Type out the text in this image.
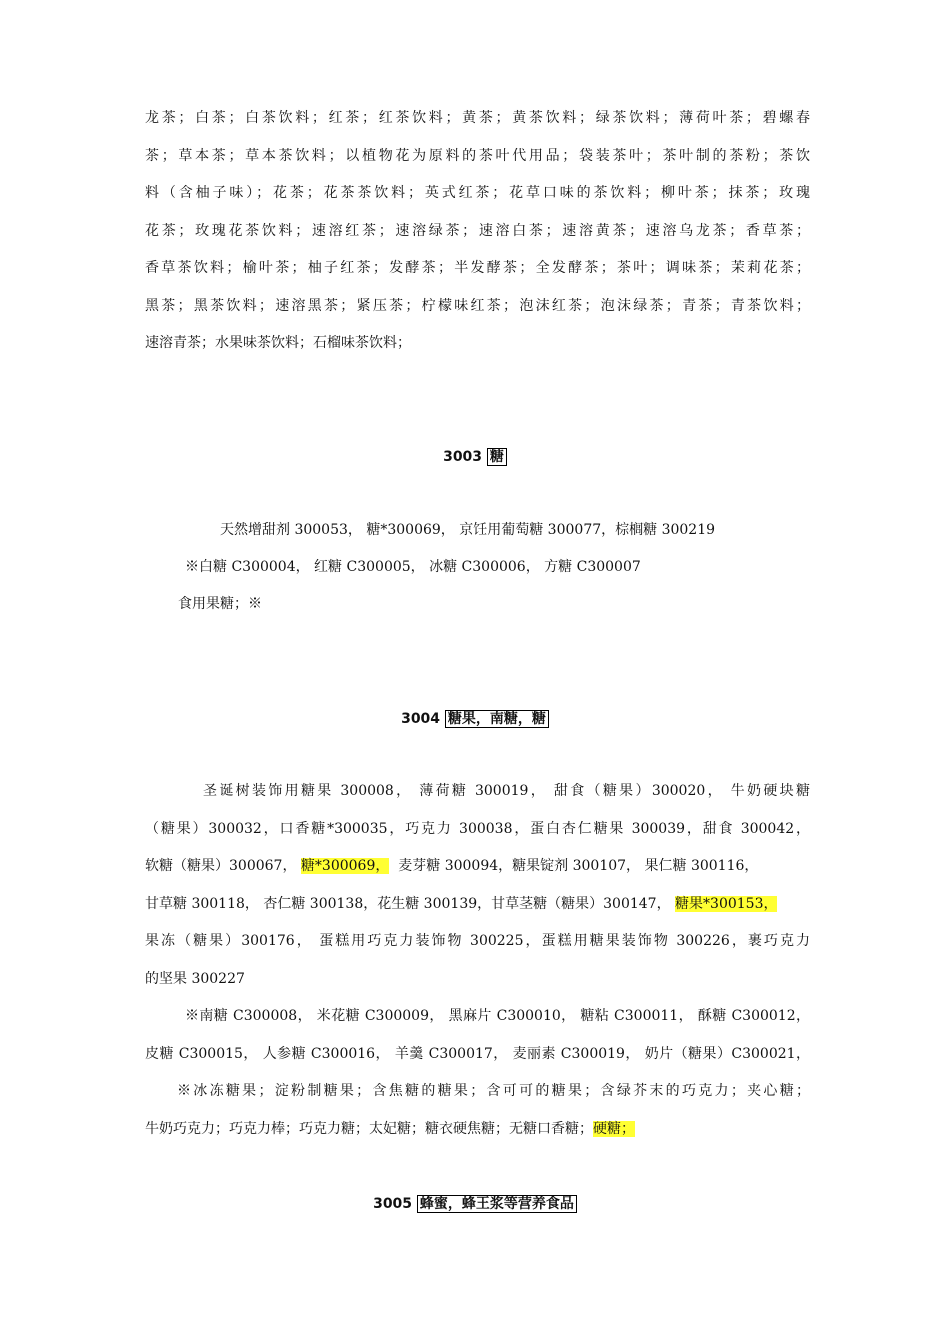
龙茶；白茶；白茶饮料；红茶；红茶饮料；黄茶；黄茶饮料；绿茶饮料；薄荷叶茶；碧螺春
茶；草本茶；草本茶饮料；以植物花为原料的茶叶代用品；袋装茶叶；茶叶制的茶粉；茶饮
料（含柚子味）；花茶；花茶茶饮料；英式红茶；花草口味的茶饮料；柳叶茶；抹茶；玫瑰
花茶；玫瑰花茶饮料；速溶红茶；速溶绿茶；速溶白茶；速溶黄茶；速溶乌龙茶；香草茶；
香草茶饮料；榆叶茶；柚子红茶；发酵茶；半发酵茶；全发酵茶；茶叶；调味茶；茉莉花茶；
黑茶；黑茶饮料；速溶黑茶；紧压茶；柠檬味红茶；泡沫红茶；泡沫绿茶；青茶；青茶饮料；
速溶青茶；水果味茶饮料；石榴味茶饮料；
3003 糖
天然增甜剂 300053， 糖*300069， 京饪用葡萄糖 300077，棕榈糖 300219
※白糖 C300004， 红糖 C300005， 冰糖 C300006， 方糖 C300007
食用果糖；※
3004 糖果，南糖，糖
圣诞树装饰用糖果 300008， 薄荷糖 300019， 甜食（糖果）300020， 牛奶硬块糖
（糖果）300032，口香糖*300035，巧克力 300038，蛋白杏仁糖果 300039，甜食 300042，
软糖（糖果）300067， 糖*300069， 麦芽糖 300094，糖果锭剂 300107， 果仁糖 300116，
甘草糖 300118， 杏仁糖 300138，花生糖 300139，甘草茎糖（糖果）300147， 糖果*300153，
果冻（糖果）300176， 蛋糕用巧克力装饰物 300225，蛋糕用糖果装饰物 300226，裹巧克力
的坚果 300227
※南糖 C300008， 米花糖 C300009， 黑麻片 C300010， 糖粘 C300011， 酥糖 C300012，
皮糖 C300015， 人参糖 C300016， 羊羹 C300017， 麦丽素 C300019， 奶片（糖果）C300021，
※冰冻糖果；淀粉制糖果；含焦糖的糖果；含可可的糖果；含绿芥末的巧克力；夹心糖；
牛奶巧克力；巧克力棒；巧克力糖；太妃糖；糖衣硬焦糖；无糖口香糖；硬糖；
3005 蜂蜜，蜂王浆等营养食品
